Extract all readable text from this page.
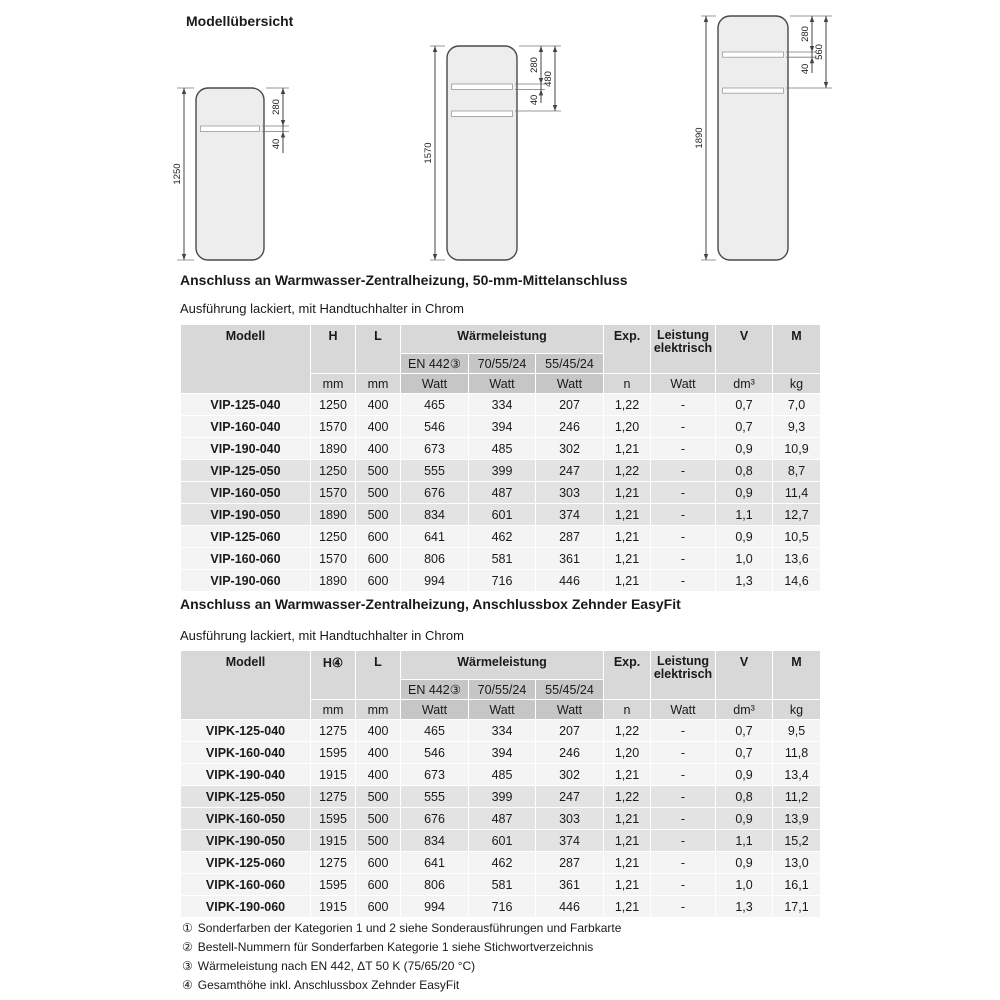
Modellübersicht
1250
280
40	1570
280
40
480
1890
280
40
560
Anschluss an Warmwasser-Zentralheizung, 50-mm-Mittelanschluss
Ausführung lackiert, mit Handtuchhalter in Chrom
Modell	H	L	Wärmeleistung			Exp.	Leistung elektrisch	V	M
			EN 442③	70/55/24	55/45/24				
	mm	mm	Watt	Watt	Watt	n	Watt	dm³	kg
VIP-125-040	1250	400	465	334	207	1,22	-	0,7	7,0
VIP-160-040	1570	400	546	394	246	1,20	-	0,7	9,3
VIP-190-040	1890	400	673	485	302	1,21	-	0,9	10,9
VIP-125-050	1250	500	555	399	247	1,22	-	0,8	8,7
VIP-160-050	1570	500	676	487	303	1,21	-	0,9	11,4
VIP-190-050	1890	500	834	601	374	1,21	-	1,1	12,7
VIP-125-060	1250	600	641	462	287	1,21	-	0,9	10,5
VIP-160-060	1570	600	806	581	361	1,21	-	1,0	13,6
VIP-190-060	1890	600	994	716	446	1,21	-	1,3	14,6
Anschluss an Warmwasser-Zentralheizung, Anschlussbox Zehnder EasyFit
Ausführung lackiert, mit Handtuchhalter in Chrom
Modell	H④	L	Wärmeleistung			Exp.	Leistung elektrisch	V	M
			EN 442③	70/55/24	55/45/24				
	mm	mm	Watt	Watt	Watt	n	Watt	dm³	kg
VIPK-125-040	1275	400	465	334	207	1,22	-	0,7	9,5
VIPK-160-040	1595	400	546	394	246	1,20	-	0,7	11,8
VIPK-190-040	1915	400	673	485	302	1,21	-	0,9	13,4
VIPK-125-050	1275	500	555	399	247	1,22	-	0,8	11,2
VIPK-160-050	1595	500	676	487	303	1,21	-	0,9	13,9
VIPK-190-050	1915	500	834	601	374	1,21	-	1,1	15,2
VIPK-125-060	1275	600	641	462	287	1,21	-	0,9	13,0
VIPK-160-060	1595	600	806	581	361	1,21	-	1,0	16,1
VIPK-190-060	1915	600	994	716	446	1,21	-	1,3	17,1
① Sonderfarben der Kategorien 1 und 2 siehe Sonderausführungen und Farbkarte
② Bestell-Nummern für Sonderfarben Kategorie 1 siehe Stichwortverzeichnis
③ Wärmeleistung nach EN 442, ΔT 50 K (75/65/20 °C)
④ Gesamthöhe inkl. Anschlussbox Zehnder EasyFit
